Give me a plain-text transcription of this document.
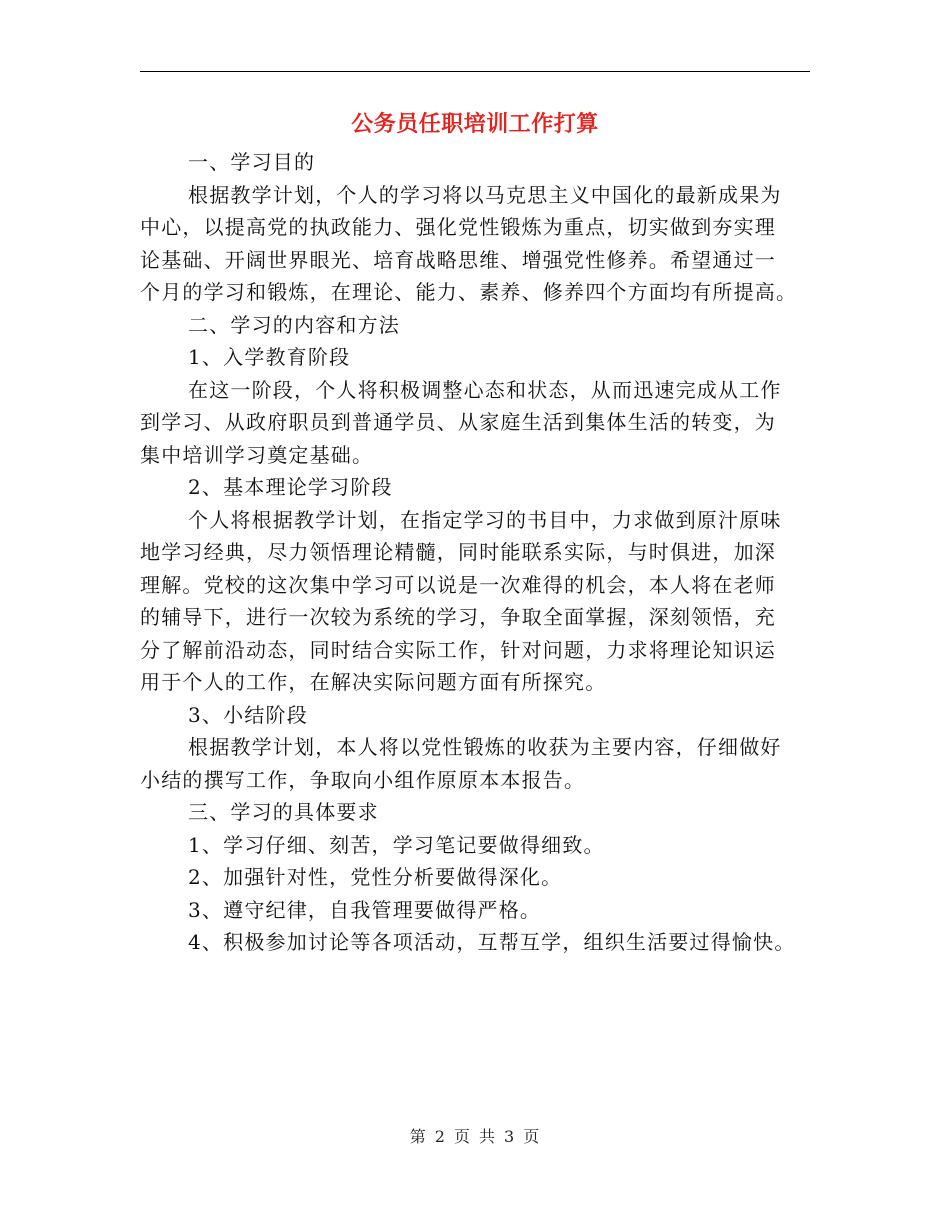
公务员任职培训工作打算

一、学习目的

根据教学计划，个人的学习将以马克思主义中国化的最新成果为

中心，以提高党的执政能力、强化党性锻炼为重点，切实做到夯实理

论基础、开阔世界眼光、培育战略思维、增强党性修养。希望通过一

个月的学习和锻炼，在理论、能力、素养、修养四个方面均有所提高。

二、学习的内容和方法

1、入学教育阶段

在这一阶段，个人将积极调整心态和状态，从而迅速完成从工作

到学习、从政府职员到普通学员、从家庭生活到集体生活的转变，为

集中培训学习奠定基础。

2、基本理论学习阶段

个人将根据教学计划，在指定学习的书目中，力求做到原汁原味

地学习经典，尽力领悟理论精髓，同时能联系实际，与时俱进，加深

理解。党校的这次集中学习可以说是一次难得的机会，本人将在老师

的辅导下，进行一次较为系统的学习，争取全面掌握，深刻领悟，充

分了解前沿动态，同时结合实际工作，针对问题，力求将理论知识运

用于个人的工作，在解决实际问题方面有所探究。

3、小结阶段

根据教学计划，本人将以党性锻炼的收获为主要内容，仔细做好

小结的撰写工作，争取向小组作原原本本报告。

三、学习的具体要求

1、学习仔细、刻苦，学习笔记要做得细致。

2、加强针对性，党性分析要做得深化。

3、遵守纪律，自我管理要做得严格。

4、积极参加讨论等各项活动，互帮互学，组织生活要过得愉快。

第 2 页 共 3 页
